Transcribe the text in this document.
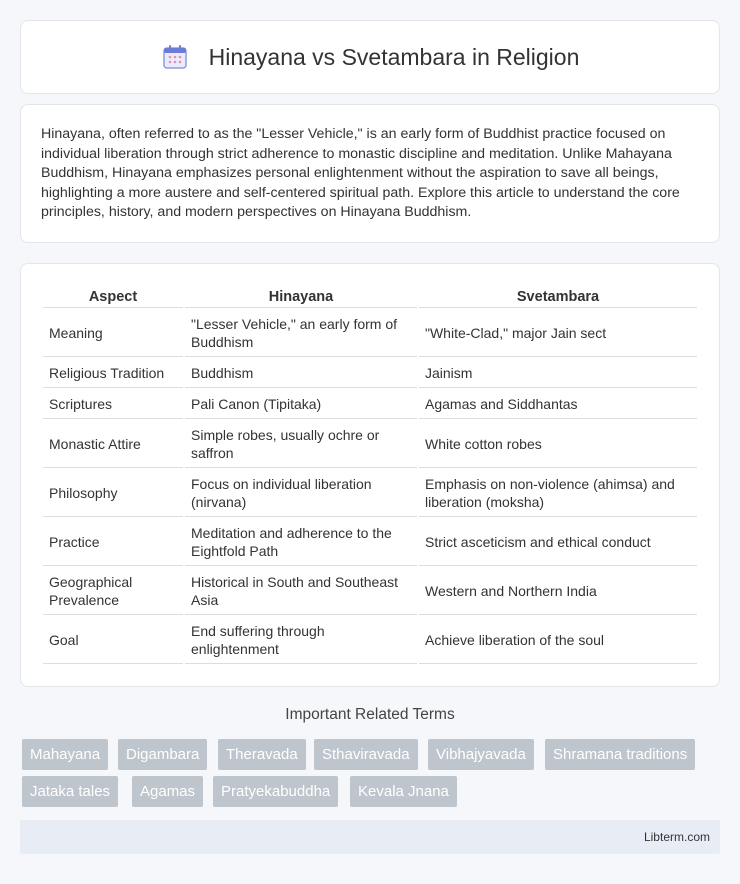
Hinayana vs Svetambara in Religion

Hinayana, often referred to as the "Lesser Vehicle," is an early form of Buddhist practice focused on individual liberation through strict adherence to monastic discipline and meditation. Unlike Mahayana Buddhism, Hinayana emphasizes personal enlightenment without the aspiration to save all beings, highlighting a more austere and self-centered spiritual path. Explore this article to understand the core principles, history, and modern perspectives on Hinayana Buddhism.

Aspect	Hinayana	Svetambara
Meaning	"Lesser Vehicle," an early form of Buddhism	"White-Clad," major Jain sect
Religious Tradition	Buddhism	Jainism
Scriptures	Pali Canon (Tipitaka)	Agamas and Siddhantas
Monastic Attire	Simple robes, usually ochre or saffron	White cotton robes
Philosophy	Focus on individual liberation (nirvana)	Emphasis on non-violence (ahimsa) and liberation (moksha)
Practice	Meditation and adherence to the Eightfold Path	Strict asceticism and ethical conduct
Geographical Prevalence	Historical in South and Southeast Asia	Western and Northern India
Goal	End suffering through enlightenment	Achieve liberation of the soul
Important Related Terms
Mahayana	Digambara	Theravada	Sthaviravada	Vibhajyavada	Shramana traditions
Jataka tales	Agamas	Pratyekabuddha	Kevala Jnana
Libterm.com
